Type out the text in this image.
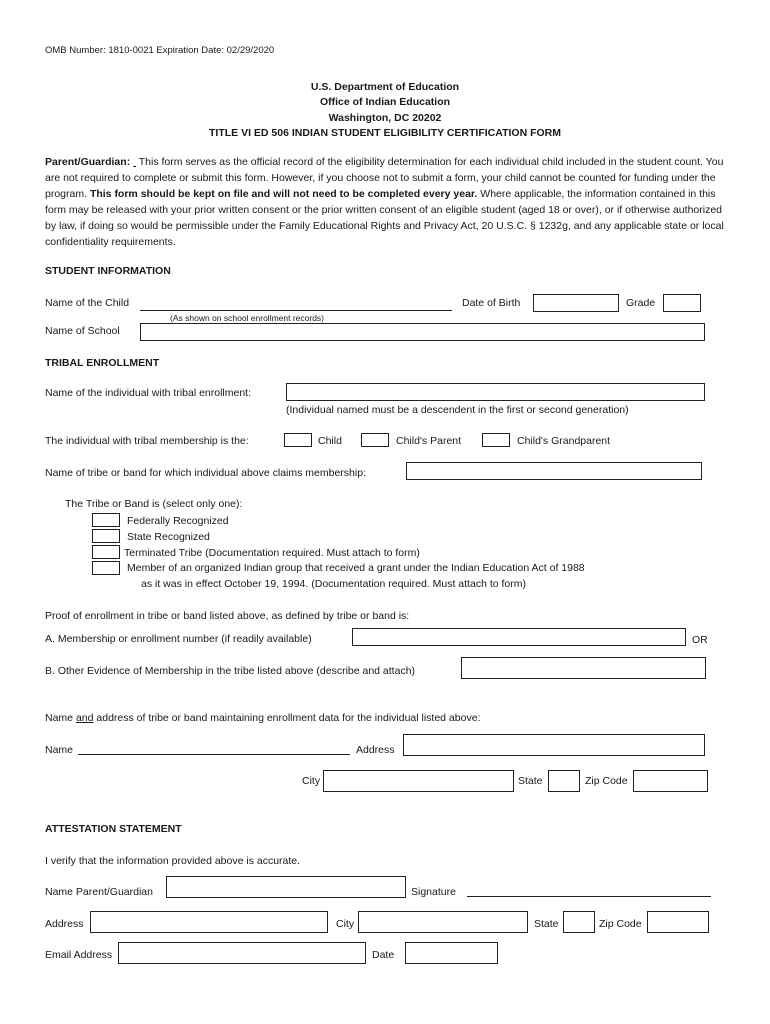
OMB Number: 1810-0021 Expiration Date: 02/29/2020
U.S. Department of Education
Office of Indian Education
Washington, DC 20202
TITLE VI ED 506 INDIAN STUDENT ELIGIBILITY CERTIFICATION FORM
Parent/Guardian: This form serves as the official record of the eligibility determination for each individual child included in the student count. You are not required to complete or submit this form. However, if you choose not to submit a form, your child cannot be counted for funding under the program. This form should be kept on file and will not need to be completed every year. Where applicable, the information contained in this form may be released with your prior written consent or the prior written consent of an eligible student (aged 18 or over), or if otherwise authorized by law, if doing so would be permissible under the Family Educational Rights and Privacy Act, 20 U.S.C. § 1232g, and any applicable state or local confidentiality requirements.
STUDENT INFORMATION
Name of the Child
(As shown on school enrollment records)
Date of Birth	Grade
Name of School
TRIBAL ENROLLMENT
Name of the individual with tribal enrollment:
(Individual named must be a descendent in the first or second generation)
The individual with tribal membership is the:	Child	Child's Parent	Child's Grandparent
Name of tribe or band for which individual above claims membership:
The Tribe or Band is (select only one):
Federally Recognized
State Recognized
Terminated Tribe (Documentation required. Must attach to form)
Member of an organized Indian group that received a grant under the Indian Education Act of 1988
as it was in effect October 19, 1994. (Documentation required. Must attach to form)
Proof of enrollment in tribe or band listed above, as defined by tribe or band is:
A. Membership or enrollment number (if readily available)	OR
B. Other Evidence of Membership in the tribe listed above (describe and attach)
Name and address of tribe or band maintaining enrollment data for the individual listed above:
Name	Address
City	State	Zip Code
ATTESTATION STATEMENT
I verify that the information provided above is accurate.
Name Parent/Guardian	Signature
Address	City	State	Zip Code
Email Address	Date
